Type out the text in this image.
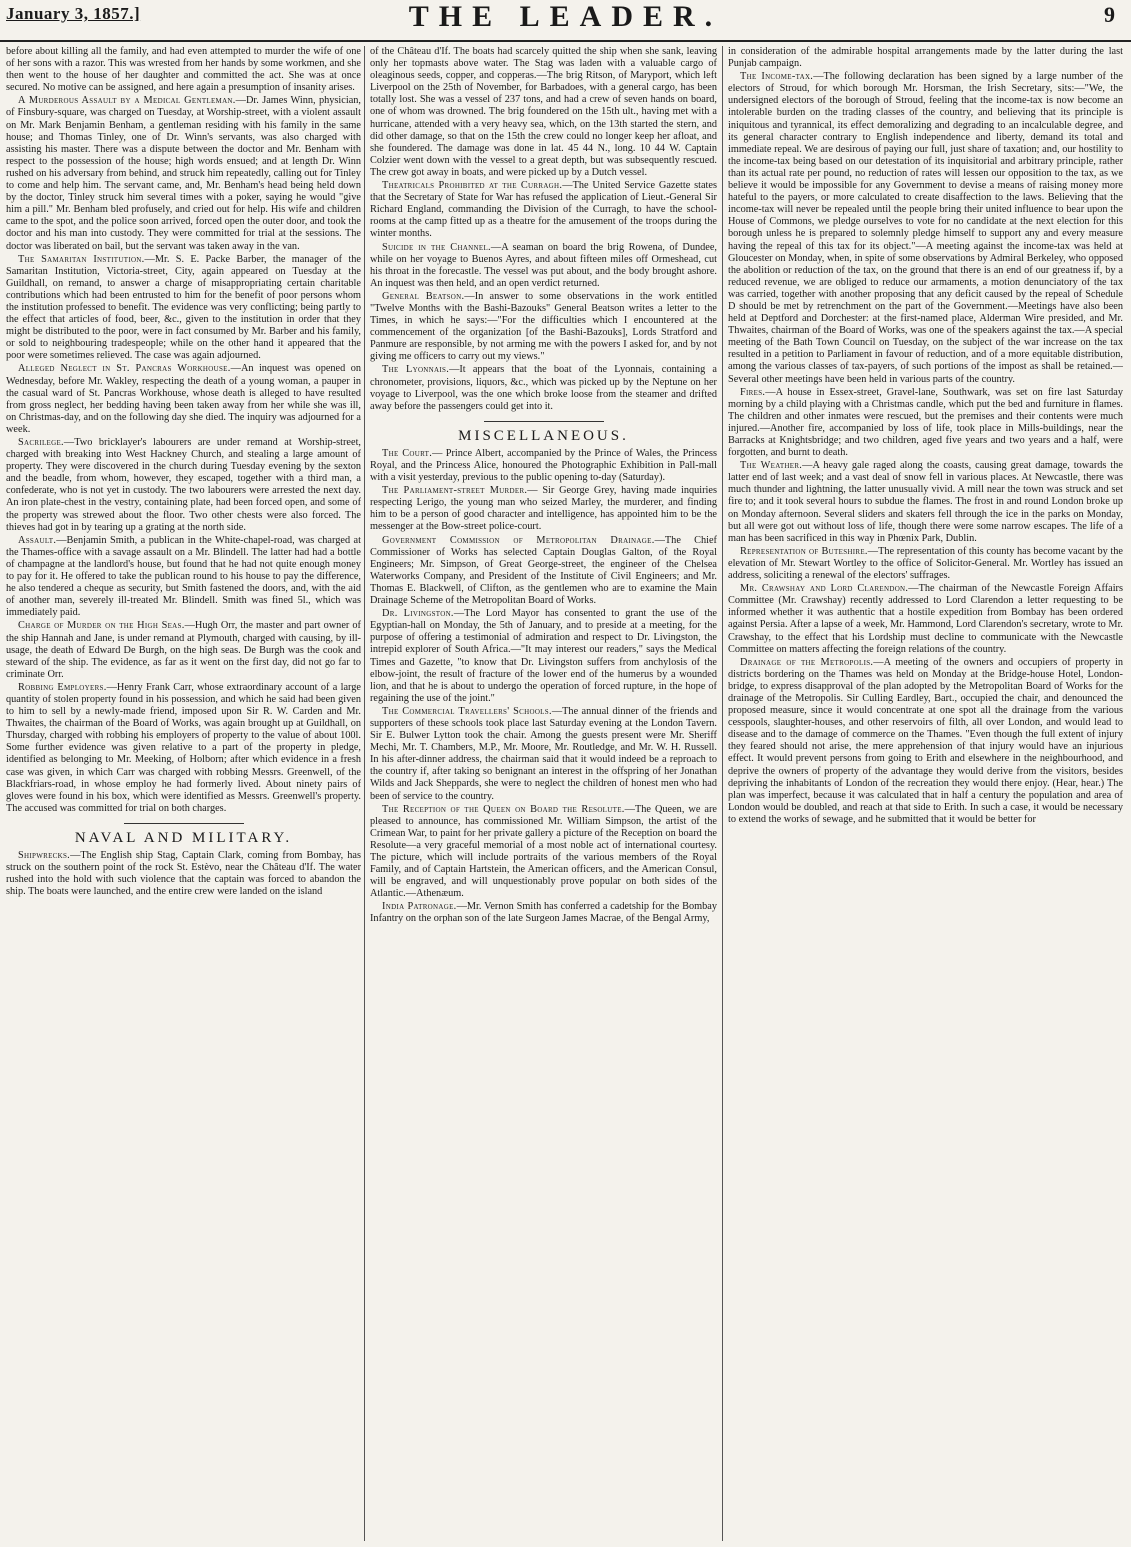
January 3, 1857.]	THE LEADER.	9

before about killing all the family, and had even attempted to murder the wife of one of her sons with a razor. This was wrested from her hands by some workmen, and she then went to the house of her daughter and committed the act. She was at once secured. No motive can be assigned, and here again a presumption of insanity arises.

A Murderous Assault by a Medical Gentleman.—Dr. James Winn, physician, of Finsbury-square, was charged on Tuesday, at Worship-street, with a violent assault on Mr. Mark Benjamin Benham, a gentleman residing with his family in the same house; and Thomas Tinley, one of Dr. Winn's servants, was also charged with assisting his master. There was a dispute between the doctor and Mr. Benham with respect to the possession of the house; high words ensued; and at length Dr. Winn rushed on his adversary from behind, and struck him repeatedly, calling out for Tinley to come and help him. The servant came, and, Mr. Benham's head being held down by the doctor, Tinley struck him several times with a poker, saying he would "give him a pill." Mr. Benham bled profusely, and cried out for help. His wife and children came to the spot, and the police soon arrived, forced open the outer door, and took the doctor and his man into custody. They were committed for trial at the sessions. The doctor was liberated on bail, but the servant was taken away in the van.

The Samaritan Institution.—Mr. S. E. Packe Barber, the manager of the Samaritan Institution, Victoria-street, City, again appeared on Tuesday at the Guildhall, on remand, to answer a charge of misappropriating certain charitable contributions which had been entrusted to him for the benefit of poor persons whom the institution professed to benefit. The evidence was very conflicting; being partly to the effect that articles of food, beer, &c., given to the institution in order that they might be distributed to the poor, were in fact consumed by Mr. Barber and his family, or sold to neighbouring tradespeople; while on the other hand it appeared that the poor were sometimes relieved. The case was again adjourned.

Alleged Neglect in St. Pancras Workhouse.—An inquest was opened on Wednesday, before Mr. Wakley, respecting the death of a young woman, a pauper in the casual ward of St. Pancras Workhouse, whose death is alleged to have resulted from gross neglect, her bedding having been taken away from her while she was ill, on Christmas-day, and on the following day she died. The inquiry was adjourned for a week.

Sacrilege.—Two bricklayer's labourers are under remand at Worship-street, charged with breaking into West Hackney Church, and stealing a large amount of property. They were discovered in the church during Tuesday evening by the sexton and the beadle, from whom, however, they escaped, together with a third man, a confederate, who is not yet in custody. The two labourers were arrested the next day. An iron plate-chest in the vestry, containing plate, had been forced open, and some of the property was strewed about the floor. Two other chests were also forced. The thieves had got in by tearing up a grating at the north side.

Assault.—Benjamin Smith, a publican in the White-chapel-road, was charged at the Thames-office with a savage assault on a Mr. Blindell. The latter had had a bottle of champagne at the landlord's house, but found that he had not quite enough money to pay for it. He offered to take the publican round to his house to pay the difference, he also tendered a cheque as security, but Smith fastened the doors, and, with the aid of another man, severely ill-treated Mr. Blindell. Smith was fined 5l., which was immediately paid.

Charge of Murder on the High Seas.—Hugh Orr, the master and part owner of the ship Hannah and Jane, is under remand at Plymouth, charged with causing, by ill-usage, the death of Edward De Burgh, on the high seas. De Burgh was the cook and steward of the ship. The evidence, as far as it went on the first day, did not go far to criminate Orr.

Robbing Employers.—Henry Frank Carr, whose extraordinary account of a large quantity of stolen property found in his possession, and which he said had been given to him to sell by a newly-made friend, imposed upon Sir R. W. Carden and Mr. Thwaites, the chairman of the Board of Works, was again brought up at Guildhall, on Thursday, charged with robbing his employers of property to the value of about 100l. Some further evidence was given relative to a part of the property in pledge, identified as belonging to Mr. Meeking, of Holborn; after which evidence in a fresh case was given, in which Carr was charged with robbing Messrs. Greenwell, of the Blackfriars-road, in whose employ he had formerly lived. About ninety pairs of gloves were found in his box, which were identified as Messrs. Greenwell's property. The accused was committed for trial on both charges.

NAVAL AND MILITARY.

Shipwrecks.—The English ship Stag, Captain Clark, coming from Bombay, has struck on the southern point of the rock St. Estèvo, near the Château d'If. The water rushed into the hold with such violence that the captain was forced to abandon the ship. The boats were launched, and the entire crew were landed on the island

of the Château d'If. The boats had scarcely quitted the ship when she sank, leaving only her topmasts above water. The Stag was laden with a valuable cargo of oleaginous seeds, copper, and copperas.—The brig Ritson, of Maryport, which left Liverpool on the 25th of November, for Barbadoes, with a general cargo, has been totally lost. She was a vessel of 237 tons, and had a crew of seven hands on board, one of whom was drowned. The brig foundered on the 15th ult., having met with a hurricane, attended with a very heavy sea, which, on the 13th started the stern, and did other damage, so that on the 15th the crew could no longer keep her afloat, and she foundered. The damage was done in lat. 45 44 N., long. 10 44 W. Captain Colzier went down with the vessel to a great depth, but was subsequently rescued. The crew got away in boats, and were picked up by a Dutch vessel.

Theatricals Prohibited at the Curragh.—The United Service Gazette states that the Secretary of State for War has refused the application of Lieut.-General Sir Richard England, commanding the Division of the Curragh, to have the school-rooms at the camp fitted up as a theatre for the amusement of the troops during the winter months.

Suicide in the Channel.—A seaman on board the brig Rowena, of Dundee, while on her voyage to Buenos Ayres, and about fifteen miles off Ormeshead, cut his throat in the forecastle. The vessel was put about, and the body brought ashore. An inquest was then held, and an open verdict returned.

General Beatson.—In answer to some observations in the work entitled "Twelve Months with the Bashi-Bazouks" General Beatson writes a letter to the Times, in which he says:—"For the difficulties which I encountered at the commencement of the organization [of the Bashi-Bazouks], Lords Stratford and Panmure are responsible, by not arming me with the powers I asked for, and by not giving me officers to carry out my views."

The Lyonnais.—It appears that the boat of the Lyonnais, containing a chronometer, provisions, liquors, &c., which was picked up by the Neptune on her voyage to Liverpool, was the one which broke loose from the steamer and drifted away before the passengers could get into it.

MISCELLANEOUS.

The Court.— Prince Albert, accompanied by the Prince of Wales, the Princess Royal, and the Princess Alice, honoured the Photographic Exhibition in Pall-mall with a visit yesterday, previous to the public opening to-day (Saturday).

The Parliament-street Murder.— Sir George Grey, having made inquiries respecting Lerigo, the young man who seized Marley, the murderer, and finding him to be a person of good character and intelligence, has appointed him to be the messenger at the Bow-street police-court.

Government Commission of Metropolitan Drainage.—The Chief Commissioner of Works has selected Captain Douglas Galton, of the Royal Engineers; Mr. Simpson, of Great George-street, the engineer of the Chelsea Waterworks Company, and President of the Institute of Civil Engineers; and Mr. Thomas E. Blackwell, of Clifton, as the gentlemen who are to examine the Main Drainage Scheme of the Metropolitan Board of Works.

Dr. Livingston.—The Lord Mayor has consented to grant the use of the Egyptian-hall on Monday, the 5th of January, and to preside at a meeting, for the purpose of offering a testimonial of admiration and respect to Dr. Livingston, the intrepid explorer of South Africa.—"It may interest our readers," says the Medical Times and Gazette, "to know that Dr. Livingston suffers from anchylosis of the elbow-joint, the result of fracture of the lower end of the humerus by a wounded lion, and that he is about to undergo the operation of forced rupture, in the hope of regaining the use of the joint."

The Commercial Travellers' Schools.—The annual dinner of the friends and supporters of these schools took place last Saturday evening at the London Tavern. Sir E. Bulwer Lytton took the chair. Among the guests present were Mr. Sheriff Mechi, Mr. T. Chambers, M.P., Mr. Moore, Mr. Routledge, and Mr. W. H. Russell. In his after-dinner address, the chairman said that it would indeed be a reproach to the country if, after taking so benignant an interest in the offspring of her Jonathan Wilds and Jack Sheppards, she were to neglect the children of honest men who had been of service to the country.

The Reception of the Queen on Board the Resolute.—The Queen, we are pleased to announce, has commissioned Mr. William Simpson, the artist of the Crimean War, to paint for her private gallery a picture of the Reception on board the Resolute—a very graceful memorial of a most noble act of international courtesy. The picture, which will include portraits of the various members of the Royal Family, and of Captain Hartstein, the American officers, and the American Consul, will be engraved, and will unquestionably prove popular on both sides of the Atlantic.—Athenæum.

India Patronage.—Mr. Vernon Smith has conferred a cadetship for the Bombay Infantry on the orphan son of the late Surgeon James Macrae, of the Bengal Army,

in consideration of the admirable hospital arrangements made by the latter during the last Punjab campaign.

The Income-tax.—The following declaration has been signed by a large number of the electors of Stroud, for which borough Mr. Horsman, the Irish Secretary, sits:—"We, the undersigned electors of the borough of Stroud, feeling that the income-tax is now become an intolerable burden on the trading classes of the country, and believing that its principle is iniquitous and tyrannical, its effect demoralizing and degrading to an incalculable degree, and its general character contrary to English independence and liberty, demand its total and immediate repeal. We are desirous of paying our full, just share of taxation; and, our hostility to the income-tax being based on our detestation of its inquisitorial and arbitrary principle, rather than its actual rate per pound, no reduction of rates will lessen our opposition to the tax, as we believe it would be impossible for any Government to devise a means of raising money more hateful to the payers, or more calculated to create disaffection to the laws. Believing that the income-tax will never be repealed until the people bring their united influence to bear upon the House of Commons, we pledge ourselves to vote for no candidate at the next election for this borough unless he is prepared to solemnly pledge himself to support any and every measure having the repeal of this tax for its object."—A meeting against the income-tax was held at Gloucester on Monday, when, in spite of some observations by Admiral Berkeley, who opposed the abolition or reduction of the tax, on the ground that there is an end of our greatness if, by a reduced revenue, we are obliged to reduce our armaments, a motion denunciatory of the tax was carried, together with another proposing that any deficit caused by the repeal of Schedule D should be met by retrenchment on the part of the Government.—Meetings have also been held at Deptford and Dorchester: at the first-named place, Alderman Wire presided, and Mr. Thwaites, chairman of the Board of Works, was one of the speakers against the tax.—A special meeting of the Bath Town Council on Tuesday, on the subject of the war increase on the tax resulted in a petition to Parliament in favour of reduction, and of a more equitable distribution, among the various classes of tax-payers, of such portions of the impost as shall be retained.—Several other meetings have been held in various parts of the country.

Fires.—A house in Essex-street, Gravel-lane, Southwark, was set on fire last Saturday morning by a child playing with a Christmas candle, which put the bed and furniture in flames. The children and other inmates were rescued, but the premises and their contents were much injured.—Another fire, accompanied by loss of life, took place in Mills-buildings, near the Barracks at Knightsbridge; and two children, aged five years and two years and a half, were forgotten, and burnt to death.

The Weather.—A heavy gale raged along the coasts, causing great damage, towards the latter end of last week; and a vast deal of snow fell in various places. At Newcastle, there was much thunder and lightning, the latter unusually vivid. A mill near the town was struck and set fire to; and it took several hours to subdue the flames. The frost in and round London broke up on Monday afternoon. Several sliders and skaters fell through the ice in the parks on Monday, but all were got out without loss of life, though there were some narrow escapes. The life of a man has been sacrificed in this way in Phœnix Park, Dublin.

Representation of Buteshire.—The representation of this county has become vacant by the elevation of Mr. Stewart Wortley to the office of Solicitor-General. Mr. Wortley has issued an address, soliciting a renewal of the electors' suffrages.

Mr. Crawshay and Lord Clarendon.—The chairman of the Newcastle Foreign Affairs Committee (Mr. Crawshay) recently addressed to Lord Clarendon a letter requesting to be informed whether it was authentic that a hostile expedition from Bombay has been ordered against Persia. After a lapse of a week, Mr. Hammond, Lord Clarendon's secretary, wrote to Mr. Crawshay, to the effect that his Lordship must decline to communicate with the Newcastle Committee on matters affecting the foreign relations of the country.

Drainage of the Metropolis.—A meeting of the owners and occupiers of property in districts bordering on the Thames was held on Monday at the Bridge-house Hotel, London-bridge, to express disapproval of the plan adopted by the Metropolitan Board of Works for the drainage of the Metropolis. Sir Culling Eardley, Bart., occupied the chair, and denounced the proposed measure, since it would concentrate at one spot all the drainage from the various cesspools, slaughter-houses, and other reservoirs of filth, all over London, and would lead to disease and to the damage of commerce on the Thames. "Even though the full extent of injury they feared should not arise, the mere apprehension of that injury would have an injurious effect. It would prevent persons from going to Erith and elsewhere in the neighbourhood, and deprive the owners of property of the advantage they would derive from the visitors, besides depriving the inhabitants of London of the recreation they would there enjoy. (Hear, hear.) The plan was imperfect, because it was calculated that in half a century the population and area of London would be doubled, and reach at that side to Erith. In such a case, it would be necessary to extend the works of sewage, and he submitted that it would be better for
